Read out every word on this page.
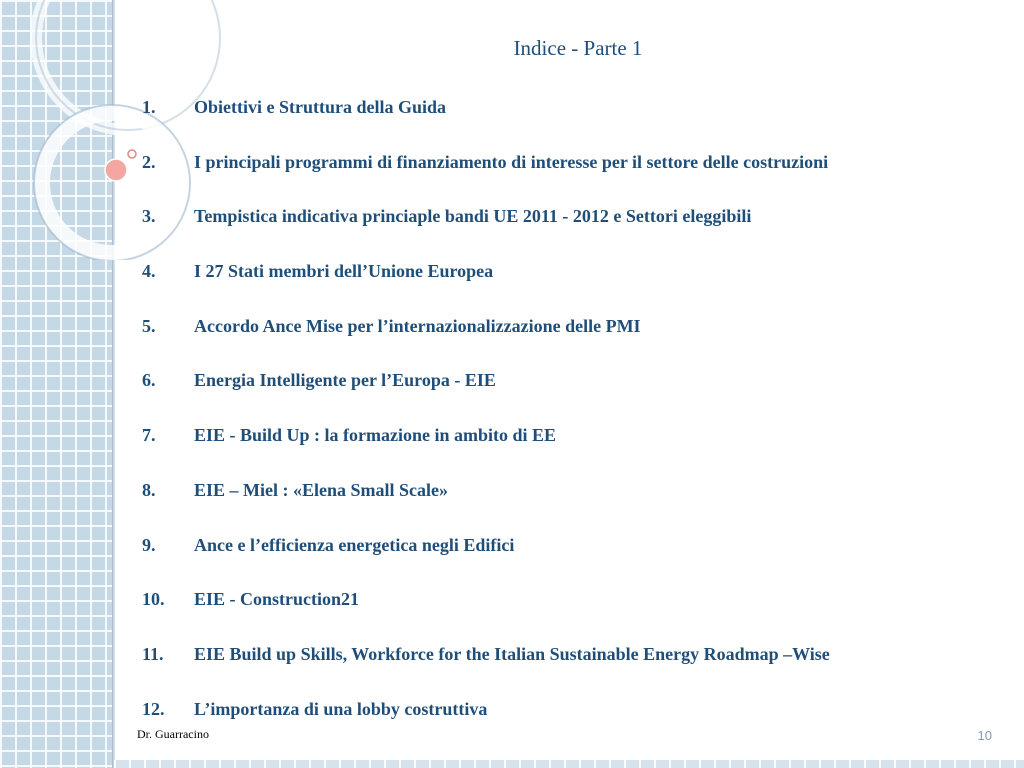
Indice - Parte 1
1. Obiettivi e Struttura della Guida
2. I principali programmi di finanziamento di interesse per il settore delle costruzioni
3. Tempistica indicativa princiaple bandi UE 2011 - 2012 e Settori eleggibili
4. I 27 Stati membri dell’Unione Europea
5. Accordo Ance Mise per l’internazionalizzazione delle PMI
6. Energia Intelligente per l’Europa - EIE
7. EIE - Build Up : la formazione in ambito di EE
8. EIE – Miel : «Elena Small Scale»
9. Ance e l’efficienza energetica negli Edifici
10. EIE - Construction21
11. EIE Build up Skills, Workforce for the Italian Sustainable Energy Roadmap –Wise
12. L’importanza di una lobby costruttiva
Dr. Guarracino	10
